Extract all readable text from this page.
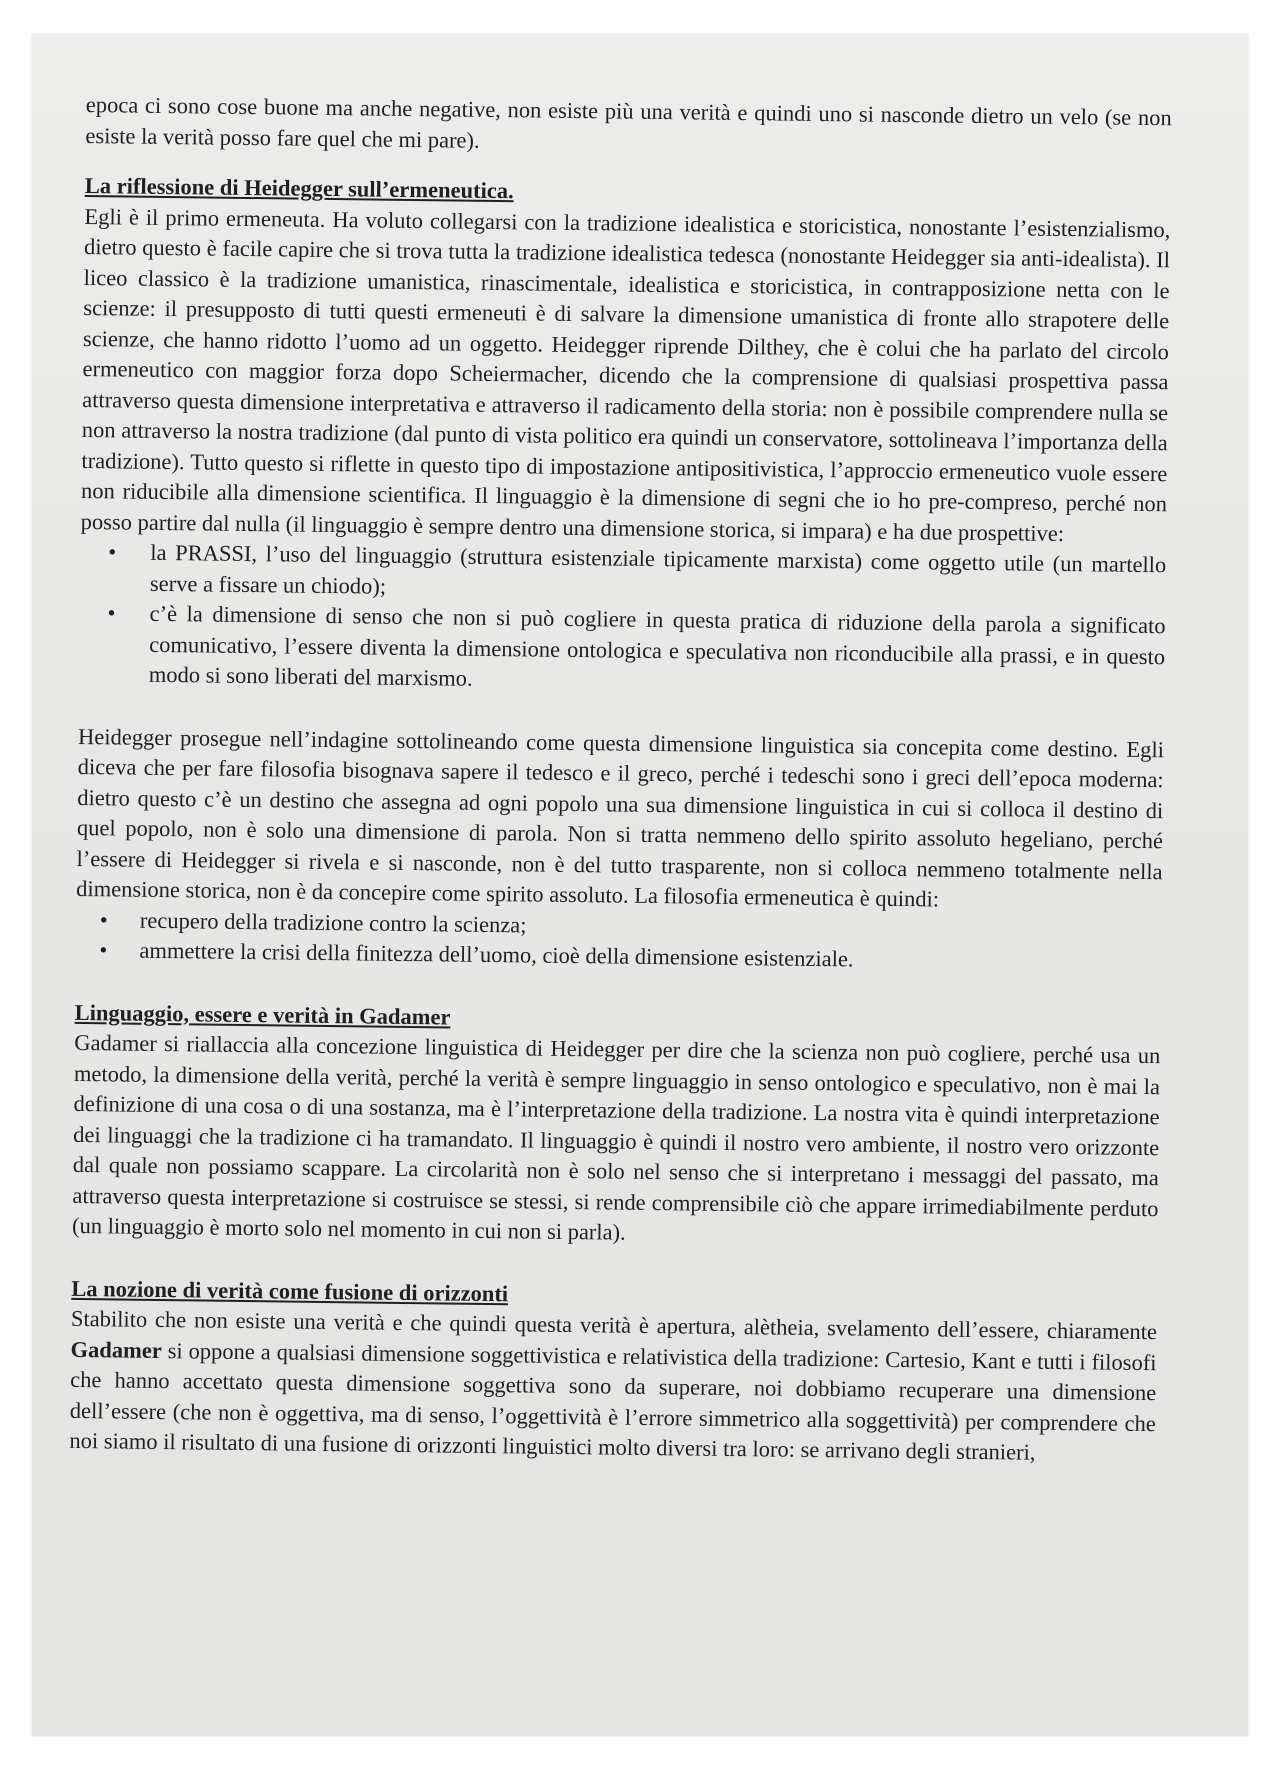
epoca ci sono cose buone ma anche negative, non esiste più una verità e quindi uno si nasconde dietro un velo (se non esiste la verità posso fare quel che mi pare).

La riflessione di Heidegger sull’ermeneutica.

Egli è il primo ermeneuta. Ha voluto collegarsi con la tradizione idealistica e storicistica, nonostante l’esistenzialismo, dietro questo è facile capire che si trova tutta la tradizione idealistica tedesca (nonostante Heidegger sia anti-idealista). Il liceo classico è la tradizione umanistica, rinascimentale, idealistica e storicistica, in contrapposizione netta con le scienze: il presupposto di tutti questi ermeneuti è di salvare la dimensione umanistica di fronte allo strapotere delle scienze, che hanno ridotto l’uomo ad un oggetto. Heidegger riprende Dilthey, che è colui che ha parlato del circolo ermeneutico con maggior forza dopo Scheiermacher, dicendo che la comprensione di qualsiasi prospettiva passa attraverso questa dimensione interpretativa e attraverso il radicamento della storia: non è possibile comprendere nulla se non attraverso la nostra tradizione (dal punto di vista politico era quindi un conservatore, sottolineava l’importanza della tradizione). Tutto questo si riflette in questo tipo di impostazione antipositivistica, l’approccio ermeneutico vuole essere non riducibile alla dimensione scientifica. Il linguaggio è la dimensione di segni che io ho pre-compreso, perché non posso partire dal nulla (il linguaggio è sempre dentro una dimensione storica, si impara) e ha due prospettive:

• la PRASSI, l’uso del linguaggio (struttura esistenziale tipicamente marxista) come oggetto utile (un martello serve a fissare un chiodo);
• c’è la dimensione di senso che non si può cogliere in questa pratica di riduzione della parola a significato comunicativo, l’essere diventa la dimensione ontologica e speculativa non riconducibile alla prassi, e in questo modo si sono liberati del marxismo.

Heidegger prosegue nell’indagine sottolineando come questa dimensione linguistica sia concepita come destino. Egli diceva che per fare filosofia bisognava sapere il tedesco e il greco, perché i tedeschi sono i greci dell’epoca moderna: dietro questo c’è un destino che assegna ad ogni popolo una sua dimensione linguistica in cui si colloca il destino di quel popolo, non è solo una dimensione di parola. Non si tratta nemmeno dello spirito assoluto hegeliano, perché l’essere di Heidegger si rivela e si nasconde, non è del tutto trasparente, non si colloca nemmeno totalmente nella dimensione storica, non è da concepire come spirito assoluto. La filosofia ermeneutica è quindi:

• recupero della tradizione contro la scienza;
• ammettere la crisi della finitezza dell’uomo, cioè della dimensione esistenziale.

Linguaggio, essere e verità in Gadamer

Gadamer si riallaccia alla concezione linguistica di Heidegger per dire che la scienza non può cogliere, perché usa un metodo, la dimensione della verità, perché la verità è sempre linguaggio in senso ontologico e speculativo, non è mai la definizione di una cosa o di una sostanza, ma è l’interpretazione della tradizione. La nostra vita è quindi interpretazione dei linguaggi che la tradizione ci ha tramandato. Il linguaggio è quindi il nostro vero ambiente, il nostro vero orizzonte dal quale non possiamo scappare. La circolarità non è solo nel senso che si interpretano i messaggi del passato, ma attraverso questa interpretazione si costruisce se stessi, si rende comprensibile ciò che appare irrimediabilmente perduto (un linguaggio è morto solo nel momento in cui non si parla).

La nozione di verità come fusione di orizzonti

Stabilito che non esiste una verità e che quindi questa verità è apertura, alètheia, svelamento dell’essere, chiaramente Gadamer si oppone a qualsiasi dimensione soggettivistica e relativistica della tradizione: Cartesio, Kant e tutti i filosofi che hanno accettato questa dimensione soggettiva sono da superare, noi dobbiamo recuperare una dimensione dell’essere (che non è oggettiva, ma di senso, l’oggettività è l’errore simmetrico alla soggettività) per comprendere che noi siamo il risultato di una fusione di orizzonti linguistici molto diversi tra loro: se arrivano degli stranieri,
